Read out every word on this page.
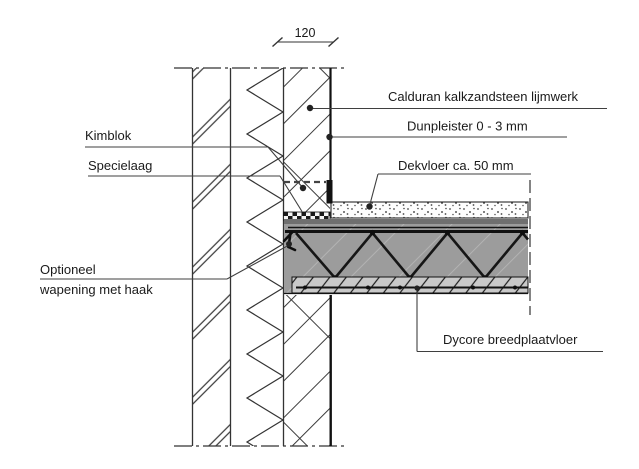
120
Calduran kalkzandsteen lijmwerk
Dunpleister 0 - 3 mm
Dekvloer ca. 50 mm
Kimblok
Specielaag
Optioneel
wapening met haak
Dycore breedplaatvloer
